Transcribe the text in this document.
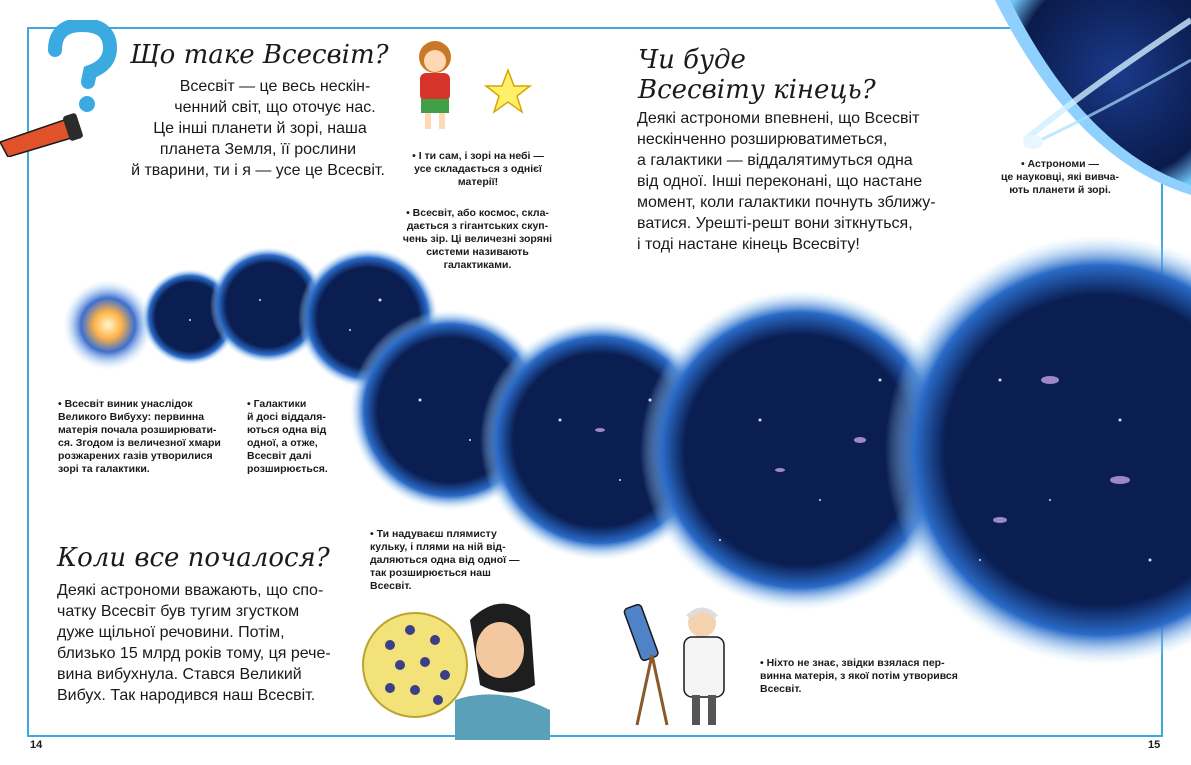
Що таке Всесвіт?
Всесвіт — це весь нескін-
ченний світ, що оточує нас.
Це інші планети й зорі, наша
планета Земля, її рослини
й тварини, ти і я — усе це Всесвіт.
Чи буде
Всесвіту кінець?
Деякі астрономи впевнені, що Всесвіт
нескінченно розширюватиметься,
а галактики — віддалятимуться одна
від одної. Інші переконані, що настане
момент, коли галактики почнуть зближу-
ватися. Урешті-решт вони зіткнуться,
і тоді настане кінець Всесвіту!
Коли все почалося?
Деякі астрономи вважають, що спо-
чатку Всесвіт був тугим згустком
дуже щільної речовини. Потім,
близько 15 млрд років тому, ця рече-
вина вибухнула. Стався Великий
Вибух. Так народився наш Всесвіт.
• І ти сам, і зорі на небі —
усе складається з однієї
матерії!
• Всесвіт, або космос, скла-
дається з гігантських скуп-
чень зір. Ці величезні зоряні
системи називають
галактиками.
• Астрономи —
це науковці, які вивча-
ють планети й зорі.
• Всесвіт виник унаслідок
Великого Вибуху: первинна
матерія почала розширювати-
ся. Згодом із величезної хмари
розжарених газів утворилися
зорі та галактики.
• Галактики
й досі віддаля-
ються одна від
одної, а отже,
Всесвіт далі
розширюється.
• Ти надуваєш плямисту
кульку, і плями на ній від-
даляються одна від одної —
так розширюється наш
Всесвіт.
• Ніхто не знає, звідки взялася пер-
винна матерія, з якої потім утворився
Всесвіт.
14	15
